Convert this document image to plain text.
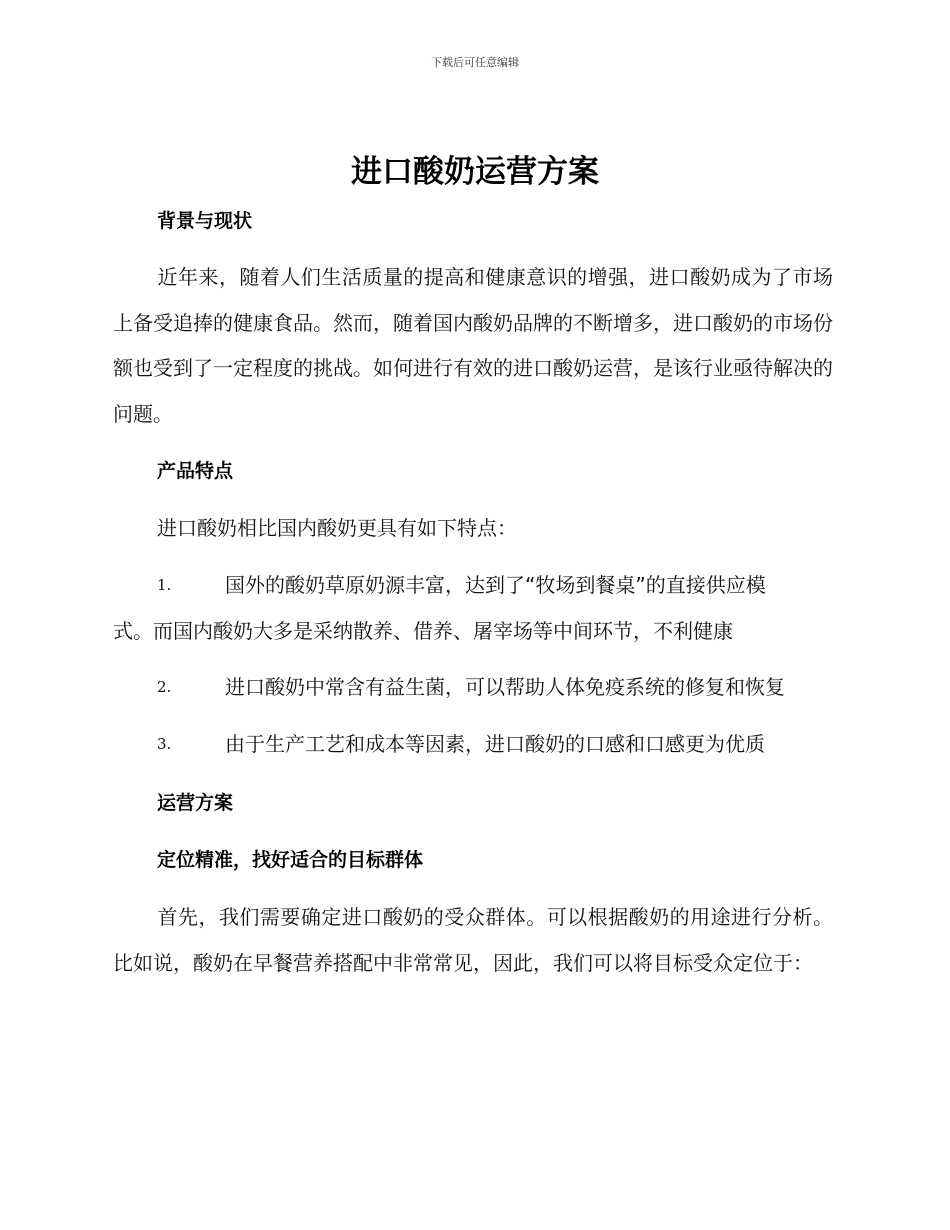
下载后可任意编辑
进口酸奶运营方案
背景与现状
近年来，随着人们生活质量的提高和健康意识的增强，进口酸奶成为了市场上备受追捧的健康食品。然而，随着国内酸奶品牌的不断增多，进口酸奶的市场份额也受到了一定程度的挑战。如何进行有效的进口酸奶运营，是该行业亟待解决的问题。
产品特点
进口酸奶相比国内酸奶更具有如下特点：
1.	国外的酸奶草原奶源丰富，达到了“牧场到餐桌”的直接供应模
式。而国内酸奶大多是采纳散养、借养、屠宰场等中间环节，不利健康
2.	进口酸奶中常含有益生菌，可以帮助人体免疫系统的修复和恢复
3.	由于生产工艺和成本等因素，进口酸奶的口感和口感更为优质
运营方案
定位精准，找好适合的目标群体
首先，我们需要确定进口酸奶的受众群体。可以根据酸奶的用途进行分析。比如说，酸奶在早餐营养搭配中非常常见，因此，我们可以将目标受众定位于：
